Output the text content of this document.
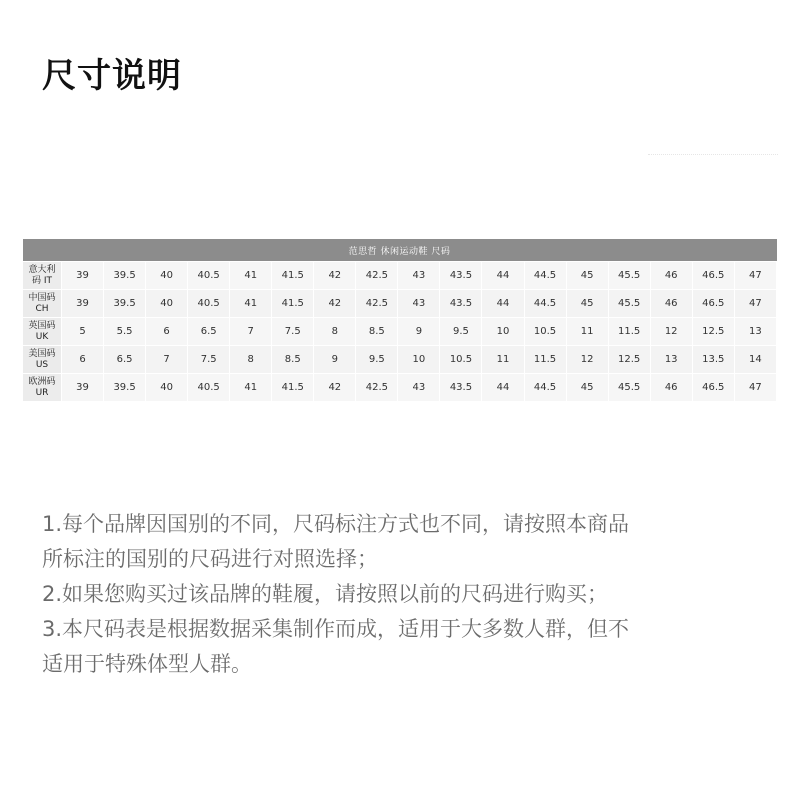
尺寸说明
范思哲 休闲运动鞋 尺码																	

意大利
码 IT	39	39.5	40	40.5	41	41.5	42	42.5	43	43.5	44	44.5	45	45.5	46	46.5	47

中国码
CH	39	39.5	40	40.5	41	41.5	42	42.5	43	43.5	44	44.5	45	45.5	46	46.5	47

英国码
UK	5	5.5	6	6.5	7	7.5	8	8.5	9	9.5	10	10.5	11	11.5	12	12.5	13

美国码
US	6	6.5	7	7.5	8	8.5	9	9.5	10	10.5	11	11.5	12	12.5	13	13.5	14

欧洲码
UR	39	39.5	40	40.5	41	41.5	42	42.5	43	43.5	44	44.5	45	45.5	46	46.5	47
1.每个品牌因国别的不同，尺码标注方式也不同，请按照本商品
所标注的国别的尺码进行对照选择；
2.如果您购买过该品牌的鞋履，请按照以前的尺码进行购买；
3.本尺码表是根据数据采集制作而成，适用于大多数人群，但不
适用于特殊体型人群。
